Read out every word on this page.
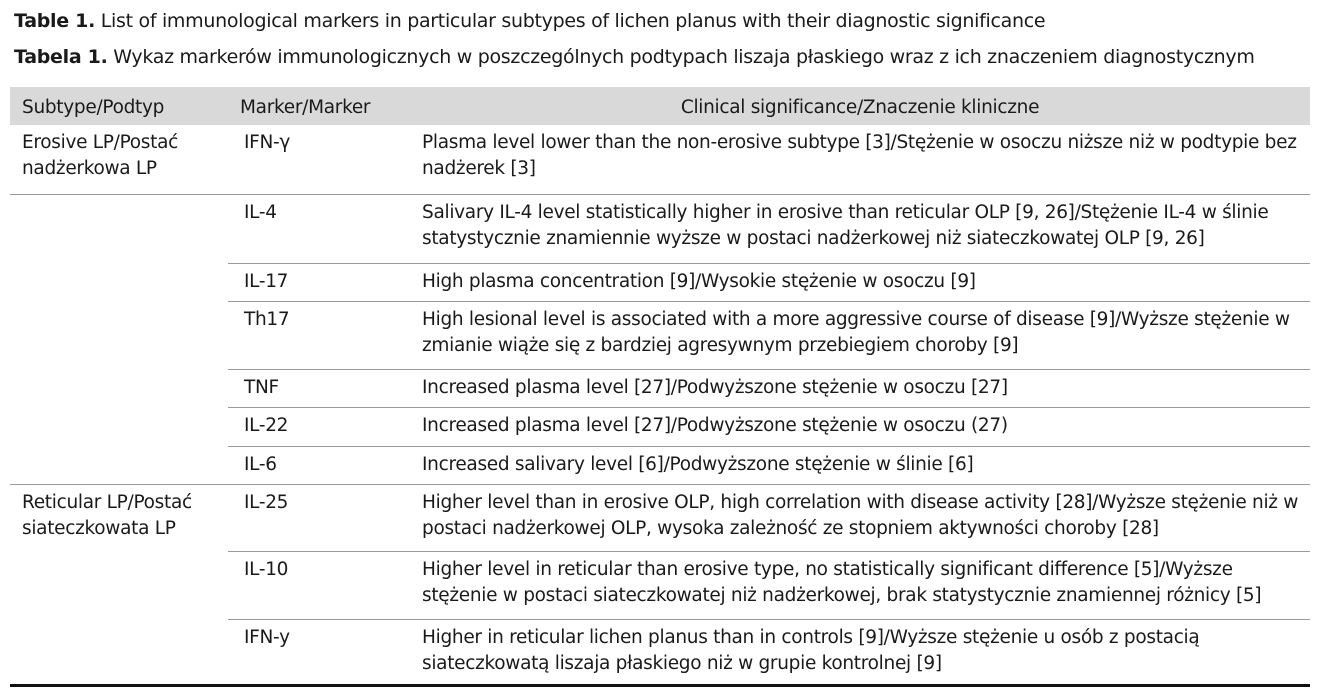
Table 1. List of immunological markers in particular subtypes of lichen planus with their diagnostic significance
Tabela 1. Wykaz markerów immunologicznych w poszczególnych podtypach liszaja płaskiego wraz z ich znaczeniem diagnostycznym
Subtype/Podtyp	Marker/Marker	Clinical significance/Znaczenie kliniczne
Erosive LP/Postać nadżerkowa LP	IFN-γ	Plasma level lower than the non-erosive subtype [3]/Stężenie w osoczu niższe niż w podtypie bez nadżerek [3]
	IL-4	Salivary IL-4 level statistically higher in erosive than reticular OLP [9, 26]/Stężenie IL-4 w ślinie statystycznie znamiennie wyższe w postaci nadżerkowej niż siateczkowatej OLP [9, 26]
	IL-17	High plasma concentration [9]/Wysokie stężenie w osoczu [9]
	Th17	High lesional level is associated with a more aggressive course of disease [9]/Wyższe stężenie w zmianie wiąże się z bardziej agresywnym przebiegiem choroby [9]
	TNF	Increased plasma level [27]/Podwyższone stężenie w osoczu [27]
	IL-22	Increased plasma level [27]/Podwyższone stężenie w osoczu (27)
	IL-6	Increased salivary level [6]/Podwyższone stężenie w ślinie [6]
Reticular LP/Postać siateczkowata LP	IL-25	Higher level than in erosive OLP, high correlation with disease activity [28]/Wyższe stężenie niż w postaci nadżerkowej OLP, wysoka zależność ze stopniem aktywności choroby [28]
	IL-10	Higher level in reticular than erosive type, no statistically significant difference [5]/Wyższe stężenie w postaci siateczkowatej niż nadżerkowej, brak statystycznie znamiennej różnicy [5]
	IFN-y	Higher in reticular lichen planus than in controls [9]/Wyższe stężenie u osób z postacią siateczkowatą liszaja płaskiego niż w grupie kontrolnej [9]
